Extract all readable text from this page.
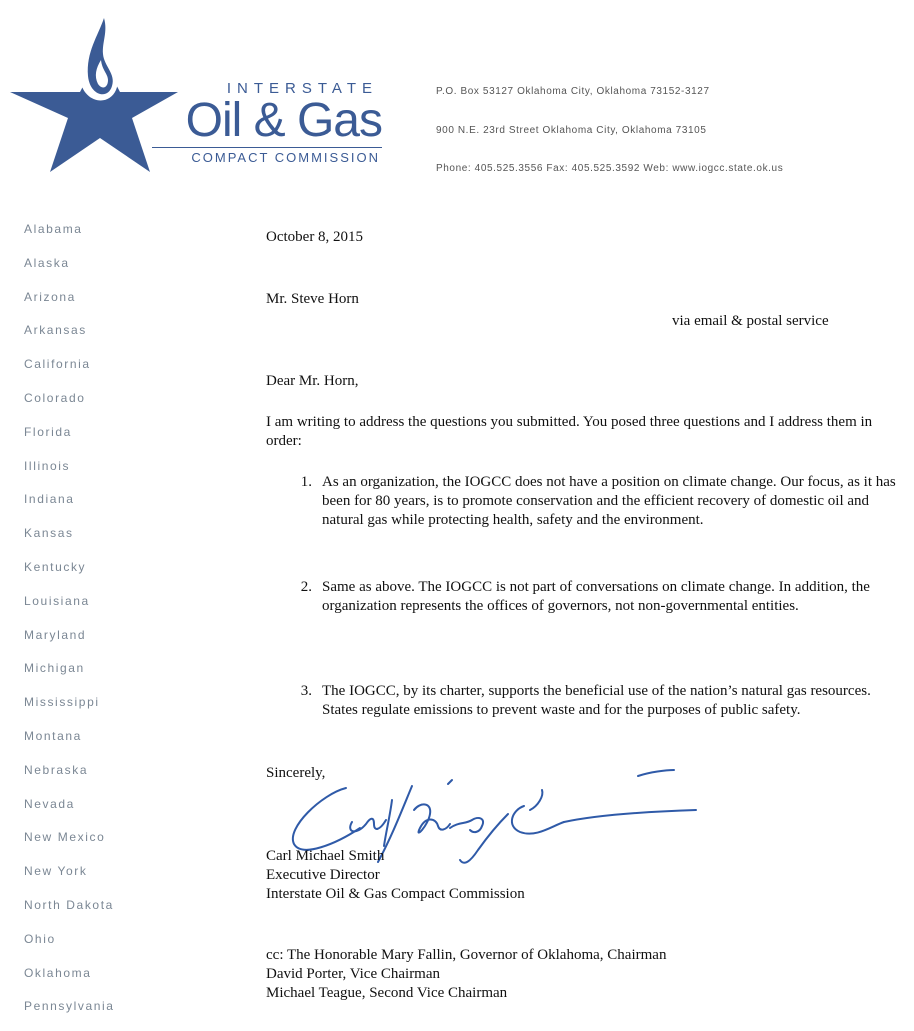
INTERSTATE
Oil & Gas
COMPACT COMMISSION
P.O. Box 53127 Oklahoma City, Oklahoma 73152-3127
900 N.E. 23rd Street Oklahoma City, Oklahoma 73105
Phone: 405.525.3556 Fax: 405.525.3592 Web: www.iogcc.state.ok.us
Alabama
Alaska
Arizona
Arkansas
California
Colorado
Florida
Illinois
Indiana
Kansas
Kentucky
Louisiana
Maryland
Michigan
Mississippi
Montana
Nebraska
Nevada
New Mexico
New York
North Dakota
Ohio
Oklahoma
Pennsylvania
October 8, 2015
Mr. Steve Horn
via email & postal service
Dear Mr. Horn,
I am writing to address the questions you submitted. You posed three questions and I address them in order:
1. As an organization, the IOGCC does not have a position on climate change. Our focus, as it has been for 80 years, is to promote conservation and the efficient recovery of domestic oil and natural gas while protecting health, safety and the environment.
2. Same as above. The IOGCC is not part of conversations on climate change. In addition, the organization represents the offices of governors, not non-governmental entities.
3. The IOGCC, by its charter, supports the beneficial use of the nation’s natural gas resources. States regulate emissions to prevent waste and for the purposes of public safety.
Sincerely,
Carl Michael Smith
Executive Director
Interstate Oil & Gas Compact Commission
cc: The Honorable Mary Fallin, Governor of Oklahoma, Chairman
David Porter, Vice Chairman
Michael Teague, Second Vice Chairman
